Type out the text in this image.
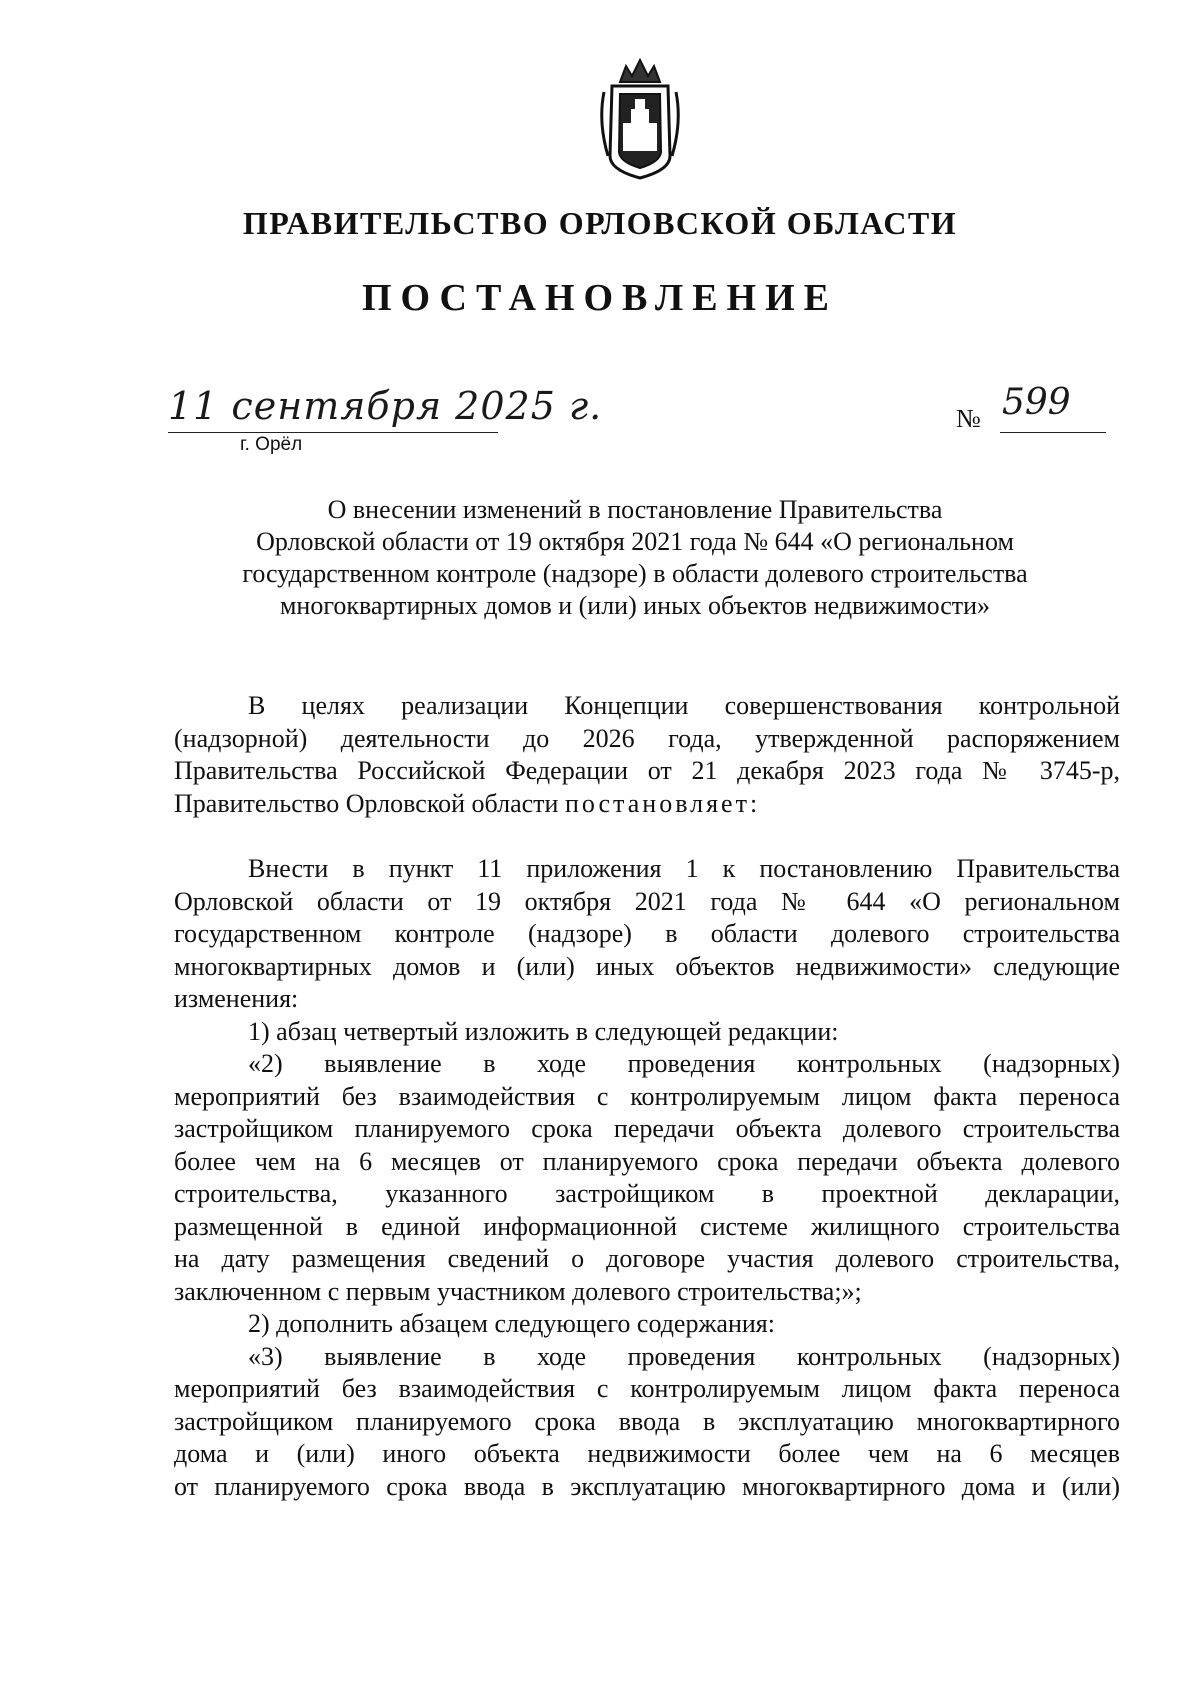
ПРАВИТЕЛЬСТВО ОРЛОВСКОЙ ОБЛАСТИ
ПОСТАНОВЛЕНИЕ
11 сентября 2025 г.
г. Орёл
№ 599
О внесении изменений в постановление Правительства
Орловской области от 19 октября 2021 года № 644 «О региональном
государственном контроле (надзоре) в области долевого строительства
многоквартирных домов и (или) иных объектов недвижимости»
В целях реализации Концепции совершенствования контрольной
(надзорной) деятельности до 2026 года, утвержденной распоряжением
Правительства Российской Федерации от 21 декабря 2023 года № 3745-р,
Правительство Орловской области постановляет:
Внести в пункт 11 приложения 1 к постановлению Правительства
Орловской области от 19 октября 2021 года № 644 «О региональном
государственном контроле (надзоре) в области долевого строительства
многоквартирных домов и (или) иных объектов недвижимости» следующие
изменения:
1) абзац четвертый изложить в следующей редакции:
«2) выявление в ходе проведения контрольных (надзорных)
мероприятий без взаимодействия с контролируемым лицом факта переноса
застройщиком планируемого срока передачи объекта долевого строительства
более чем на 6 месяцев от планируемого срока передачи объекта долевого
строительства, указанного застройщиком в проектной декларации,
размещенной в единой информационной системе жилищного строительства
на дату размещения сведений о договоре участия долевого строительства,
заключенном с первым участником долевого строительства;»;
2) дополнить абзацем следующего содержания:
«3) выявление в ходе проведения контрольных (надзорных)
мероприятий без взаимодействия с контролируемым лицом факта переноса
застройщиком планируемого срока ввода в эксплуатацию многоквартирного
дома и (или) иного объекта недвижимости более чем на 6 месяцев
от планируемого срока ввода в эксплуатацию многоквартирного дома и (или)
